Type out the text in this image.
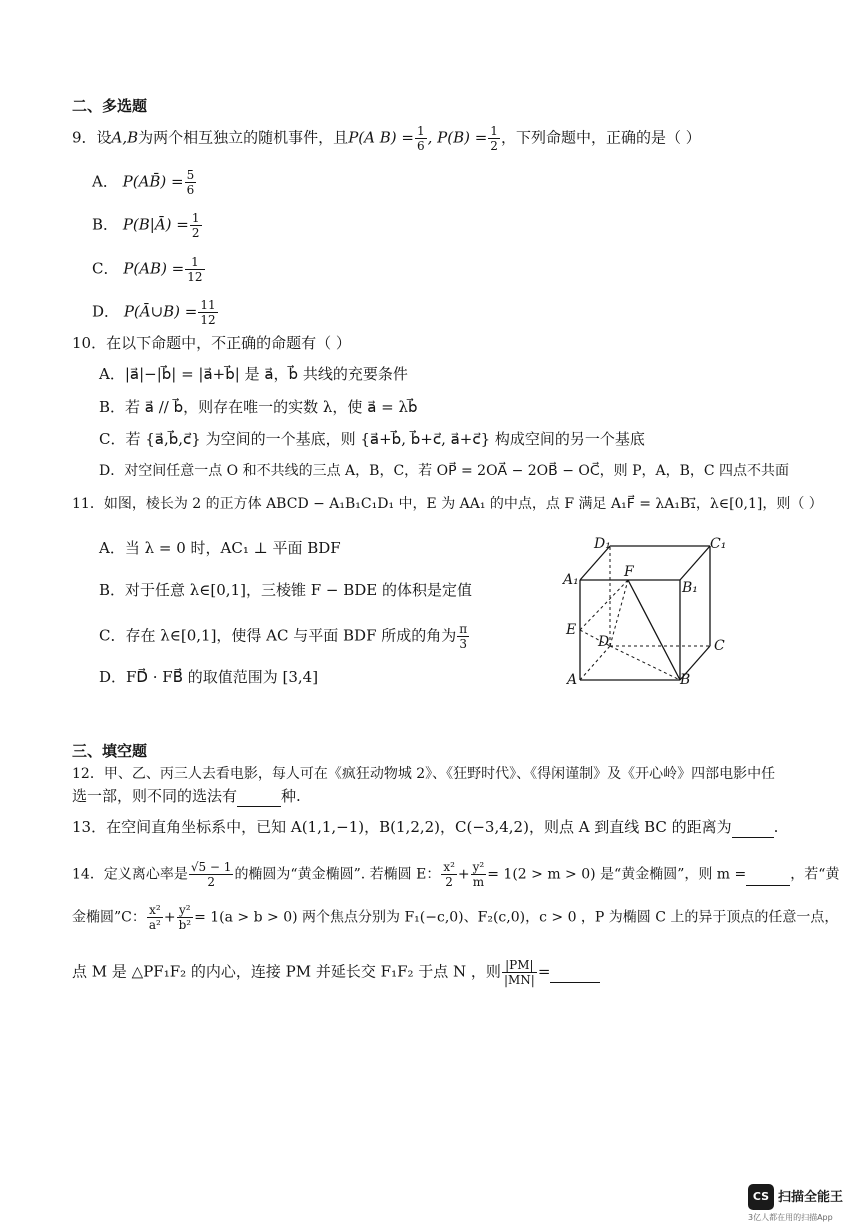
二、多选题
9．设A,B为两个相互独立的随机事件，且P(A $B) = \frac{1}{6}$ , $P(B) = \frac{1}{2}$ ，下列命题中，正确的是（ ）
A． P(AB̄) = $\frac{5}{6}$
B． P(B|Ā) = $\frac{1}{2}$
C． $P(AB) = \frac{1}{12}$
D． P(Ā∪B) = $\frac{11}{12}$
10．在以下命题中，不正确的命题有（ ）
A．|a⃗|−|b⃗| = |a⃗+b⃗| 是 a⃗，b⃗ 共线的充要条件
B．若 a⃗ // b⃗，则存在唯一的实数 λ，使 a⃗ = λb⃗
C．若 {a⃗,b⃗,c⃗} 为空间的一个基底，则 {a⃗+b⃗, b⃗+c⃗, a⃗+c⃗} 构成空间的另一个基底
D．对空间任意一点 O 和不共线的三点 A，B，C，若 OP⃗ = 2OA⃗ − 2OB⃗ − OC⃗，则 P，A，B，C 四点不共面
11．如图，棱长为 2 的正方体 ABCD − A₁B₁C₁D₁ 中，E 为 AA₁ 的中点，点 F 满足 A₁F⃗ = λA₁B₁⃗，λ∈[0,1]，则（ ）
A．当 λ = 0 时，AC₁ ⊥ 平面 BDF
B．对于任意 λ∈[0,1]，三棱锥 F − BDE 的体积是定值
C．存在 λ∈[0,1]，使得 AC 与平面 BDF 所成的角为 $\frac{\pi}{3}$
D．FD⃗ · FB⃗ 的取值范围为 [3,4]
D₁	C₁
A₁	F
B₁
E
D	C
A	B
三、填空题
12．甲、乙、丙三人去看电影，每人可在《疯狂动物城 2》、《狂野时代》、《得闲谨制》及《开心岭》四部电影中任
选一部，则不同的选法有	种.
13．在空间直角坐标系中，已知 A(1,1,−1)，B(1,2,2)，C(−3,4,2)，则点 A 到直线 BC 的距离为	.
14．定义离心率是 $\frac{√5 - 1}{2}$ 的椭圆为“黄金椭圆”. 若椭圆 E： $\frac{\text{x²}}{2} + \frac{\text{y²}}{m} = 1(2 > m > 0)$ 是“黄金椭圆”，则 m =	，若“黄
金椭圆”C： $\frac{\text{x²}}{\text{a²}} + \frac{\text{y²}}{\text{b²}} = 1(a > b > 0)$ 两个焦点分别为 F₁(−c,0)、F₂(c,0)，c > 0 ，P 为椭圆 C 上的异于顶点的任意一点，
点 M 是 △PF₁F₂ 的内心，连接 PM 并延长交 F₁F₂ 于点 N ，则 $\frac{|PM|}{|MN|}$ =
CS 扫描全能王
3亿人都在用的扫描App
